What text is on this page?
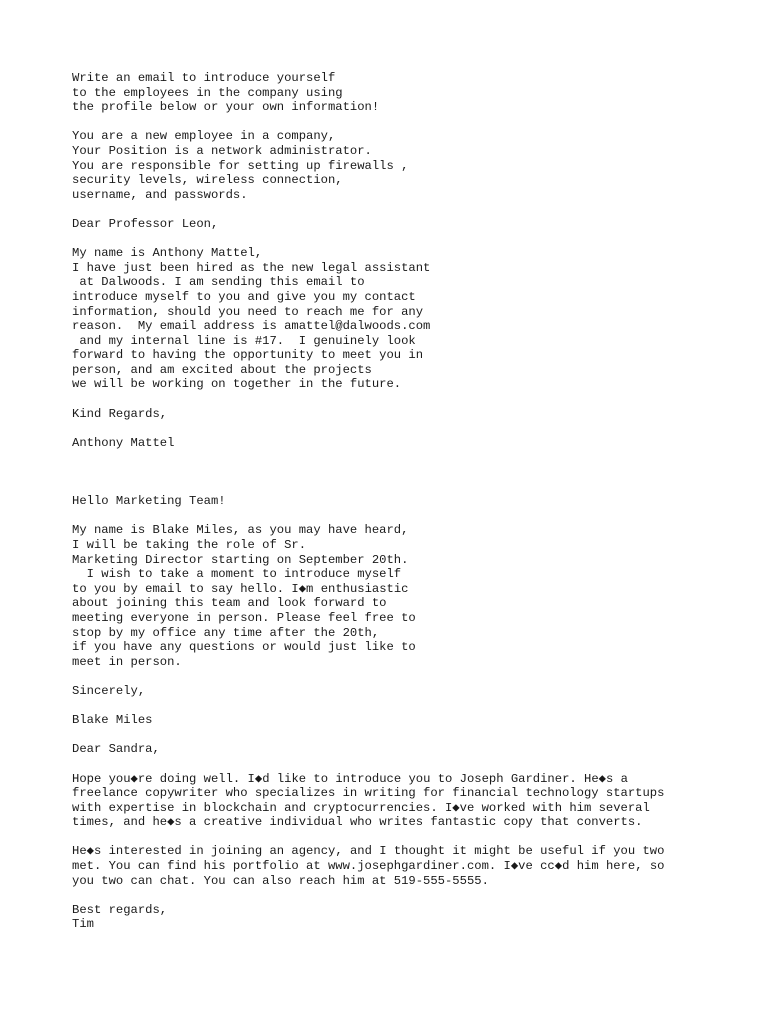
Write an email to introduce yourself
to the employees in the company using
the profile below or your own information!
You are a new employee in a company,
Your Position is a network administrator.
You are responsible for setting up firewalls ,
security levels, wireless connection,
username, and passwords.
Dear Professor Leon,
My name is Anthony Mattel,
I have just been hired as the new legal assistant
at Dalwoods. I am sending this email to
introduce myself to you and give you my contact
information, should you need to reach me for any
reason.  My email address is amattel@dalwoods.com
and my internal line is #17.  I genuinely look
forward to having the opportunity to meet you in
person, and am excited about the projects
we will be working on together in the future.
Kind Regards,
Anthony Mattel
Hello Marketing Team!
My name is Blake Miles, as you may have heard,
I will be taking the role of Sr.
Marketing Director starting on September 20th.
I wish to take a moment to introduce myself
to you by email to say hello. I◆m enthusiastic
about joining this team and look forward to
meeting everyone in person. Please feel free to
stop by my office any time after the 20th,
if you have any questions or would just like to
meet in person.
Sincerely,
Blake Miles
Dear Sandra,
Hope you◆re doing well. I◆d like to introduce you to Joseph Gardiner. He◆s a
freelance copywriter who specializes in writing for financial technology startups
with expertise in blockchain and cryptocurrencies. I◆ve worked with him several
times, and he◆s a creative individual who writes fantastic copy that converts.
He◆s interested in joining an agency, and I thought it might be useful if you two
met. You can find his portfolio at www.josephgardiner.com. I◆ve cc◆d him here, so
you two can chat. You can also reach him at 519-555-5555.
Best regards,
Tim
